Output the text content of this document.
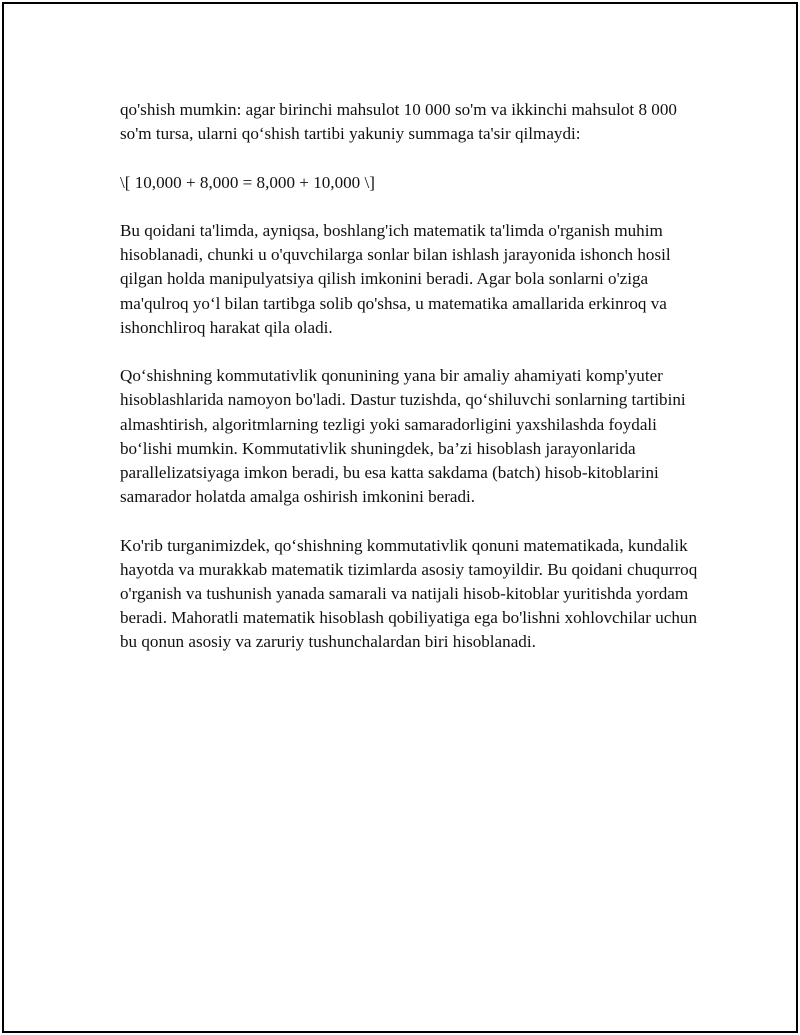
qo'shish mumkin: agar birinchi mahsulot 10 000 so'm va ikkinchi mahsulot 8 000 so'm tursa, ularni qo‘shish tartibi yakuniy summaga ta'sir qilmaydi:

\[ 10,000 + 8,000 = 8,000 + 10,000 \]

Bu qoidani ta'limda, ayniqsa, boshlang'ich matematik ta'limda o'rganish muhim hisoblanadi, chunki u o'quvchilarga sonlar bilan ishlash jarayonida ishonch hosil qilgan holda manipulyatsiya qilish imkonini beradi. Agar bola sonlarni o'ziga ma'qulroq yo‘l bilan tartibga solib qo'shsa, u matematika amallarida erkinroq va ishonchliroq harakat qila oladi.

Qo‘shishning kommutativlik qonunining yana bir amaliy ahamiyati komp'yuter hisoblashlarida namoyon bo'ladi. Dastur tuzishda, qo‘shiluvchi sonlarning tartibini almashtirish, algoritmlarning tezligi yoki samaradorligini yaxshilashda foydali bo‘lishi mumkin. Kommutativlik shuningdek, ba’zi hisoblash jarayonlarida parallelizatsiyaga imkon beradi, bu esa katta sakdama (batch) hisob-kitoblarini samarador holatda amalga oshirish imkonini beradi.

Ko'rib turganimizdek, qo‘shishning kommutativlik qonuni matematikada, kundalik hayotda va murakkab matematik tizimlarda asosiy tamoyildir. Bu qoidani chuqurroq o'rganish va tushunish yanada samarali va natijali hisob-kitoblar yuritishda yordam beradi. Mahoratli matematik hisoblash qobiliyatiga ega bo'lishni xohlovchilar uchun bu qonun asosiy va zaruriy tushunchalardan biri hisoblanadi.
